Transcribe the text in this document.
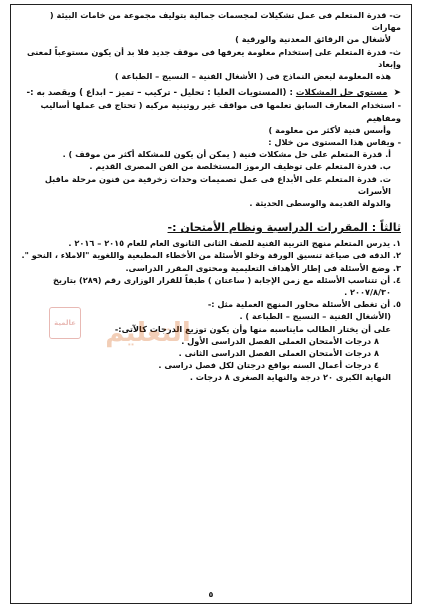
ت- قدرة المتعلم فى عمل تشكيلات لمجسمات جمالية بتوليف مجموعة من خامات البيئة ( مهارات

لأشغال من الرقائق المعدنية والورقية )

ث- قدرة المتعلم على إستخدام معلومة يعرفها فى موقف جديد فلا بد أن يكون مستوعباً لمعنى وإبعاد

هذه المعلومة لبعض النماذج فى ( الأشغال الفنية – النسيج – الطباعة )

➤ مستوى حل المشكلات : (المستويات العليا : تحليل - تركيب – تميز – ابداع ) ويقصد به :-

- استخدام المعارف السابق تعلمها فى مواقف غير روتينية مركبه ( تحتاج فى عملها أساليب ومفاهيم

وأسس فنية لأكثر من معلومة )

- ويقاس هذا المستوى من خلال :

أ. قدرة المتعلم على حل مشكلات فنية ( يمكن أن يكون للمشكلة أكثر من موقف ) .

ب. قدرة المتعلم على توظيف الرموز المستخلصة من الفن المصرى القديم .

ت. قدرة المتعلم على الأبداع فى عمل تصميمات وحدات زخرفية من فنون مرحلة ماقبل الأسرات

والدولة القديمة والوسطى الحديثة .

ثالثاً : المقررات الدراسية ونظام الأمتحان :-

١. يدرس المتعلم منهج التربية الفنية للصف الثانى الثانوى العام للعام ٢٠١٥ – ٢٠١٦ .

٢. الدقه فى صياغة تنسيق الورقة وخلو الأسئلة من الأخطاء المطبعية واللغوية "الاملاء ، النحو ".

٣. وضع الأسئلة فى إطار الأهداف التعليمية ومحتوى المقرر الدراسى.

٤. أن تتناسب الأسئله مع زمن الإجابة ( ساعتان ) طبقاً للقرار الوزارى رقم (٢٨٩) بتاريخ

٢٠٠٧/٨/٣٠ .

٥. أن تغطى الأسئلة محاور المنهج العملية مثل :-

(الأشغال الفنية – النسيج – الطباعة ) .

على أن يختار الطالب مايناسبه منها وأن يكون توزيع الدرجات كالآتى:-

٨ درجات الأمتحان العملى الفصل الدراسى الأول .

٨ درجات الأمتحان العملى الفصل الدراسى الثانى .

٤ درجات أعمال السنه بواقع درجتان لكل فصل دراسى .

النهاية الكبرى ٢٠ درجة والنهاية الصغرى ٨ درجات .

٥
عالمية التعليم
